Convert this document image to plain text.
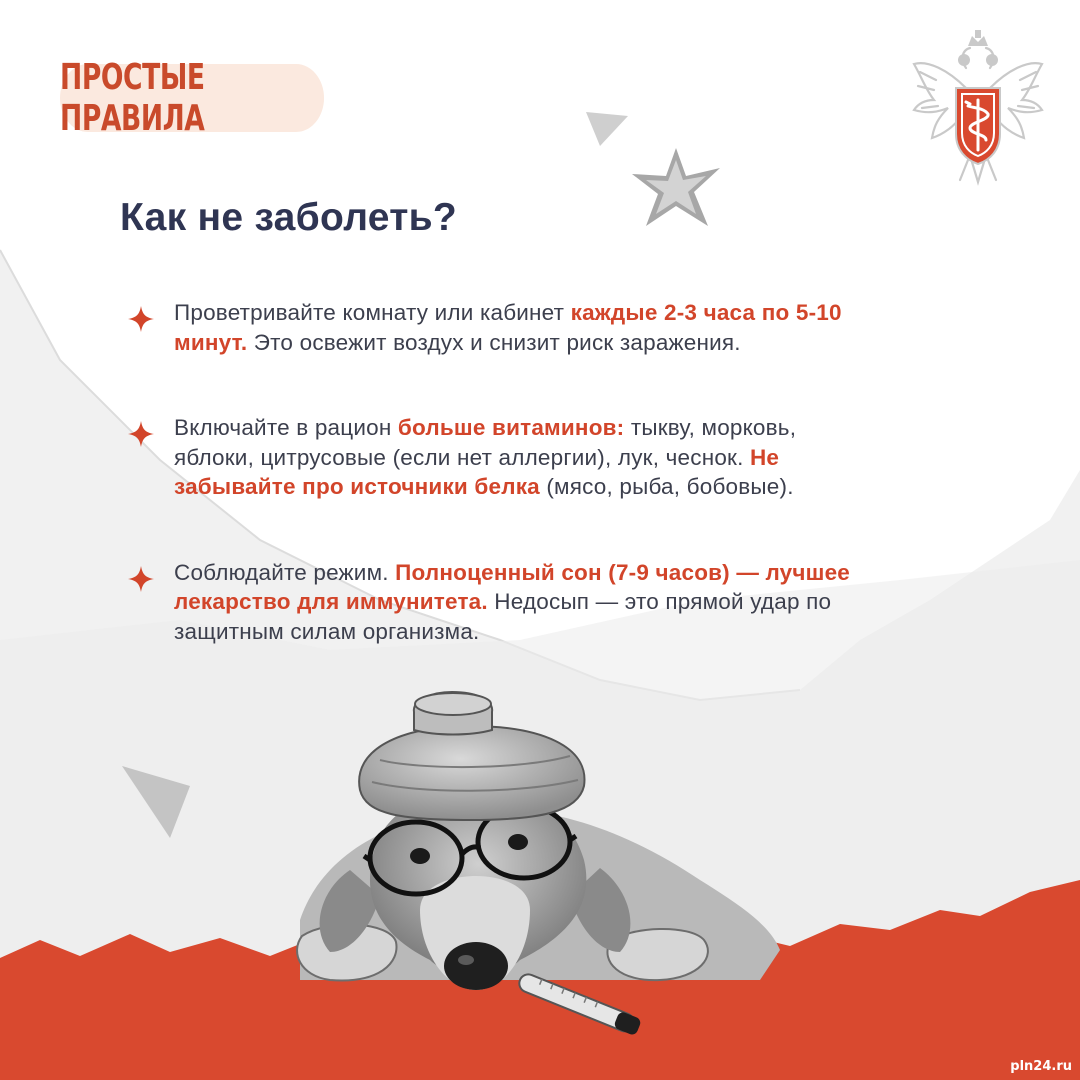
ПРОСТЫЕ ПРАВИЛА
Как не заболеть?

Проветривайте комнату или кабинет каждые 2-3 часа по 5-10 минут. Это освежит воздух и снизит риск заражения.

Включайте в рацион больше витаминов: тыкву, морковь, яблоки, цитрусовые (если нет аллергии), лук, чеснок. Не забывайте про источники белка (мясо, рыба, бобовые).

Соблюдайте режим. Полноценный сон (7-9 часов) — лучшее лекарство для иммунитета. Недосып — это прямой удар по защитным силам организма.

pln24.ru
